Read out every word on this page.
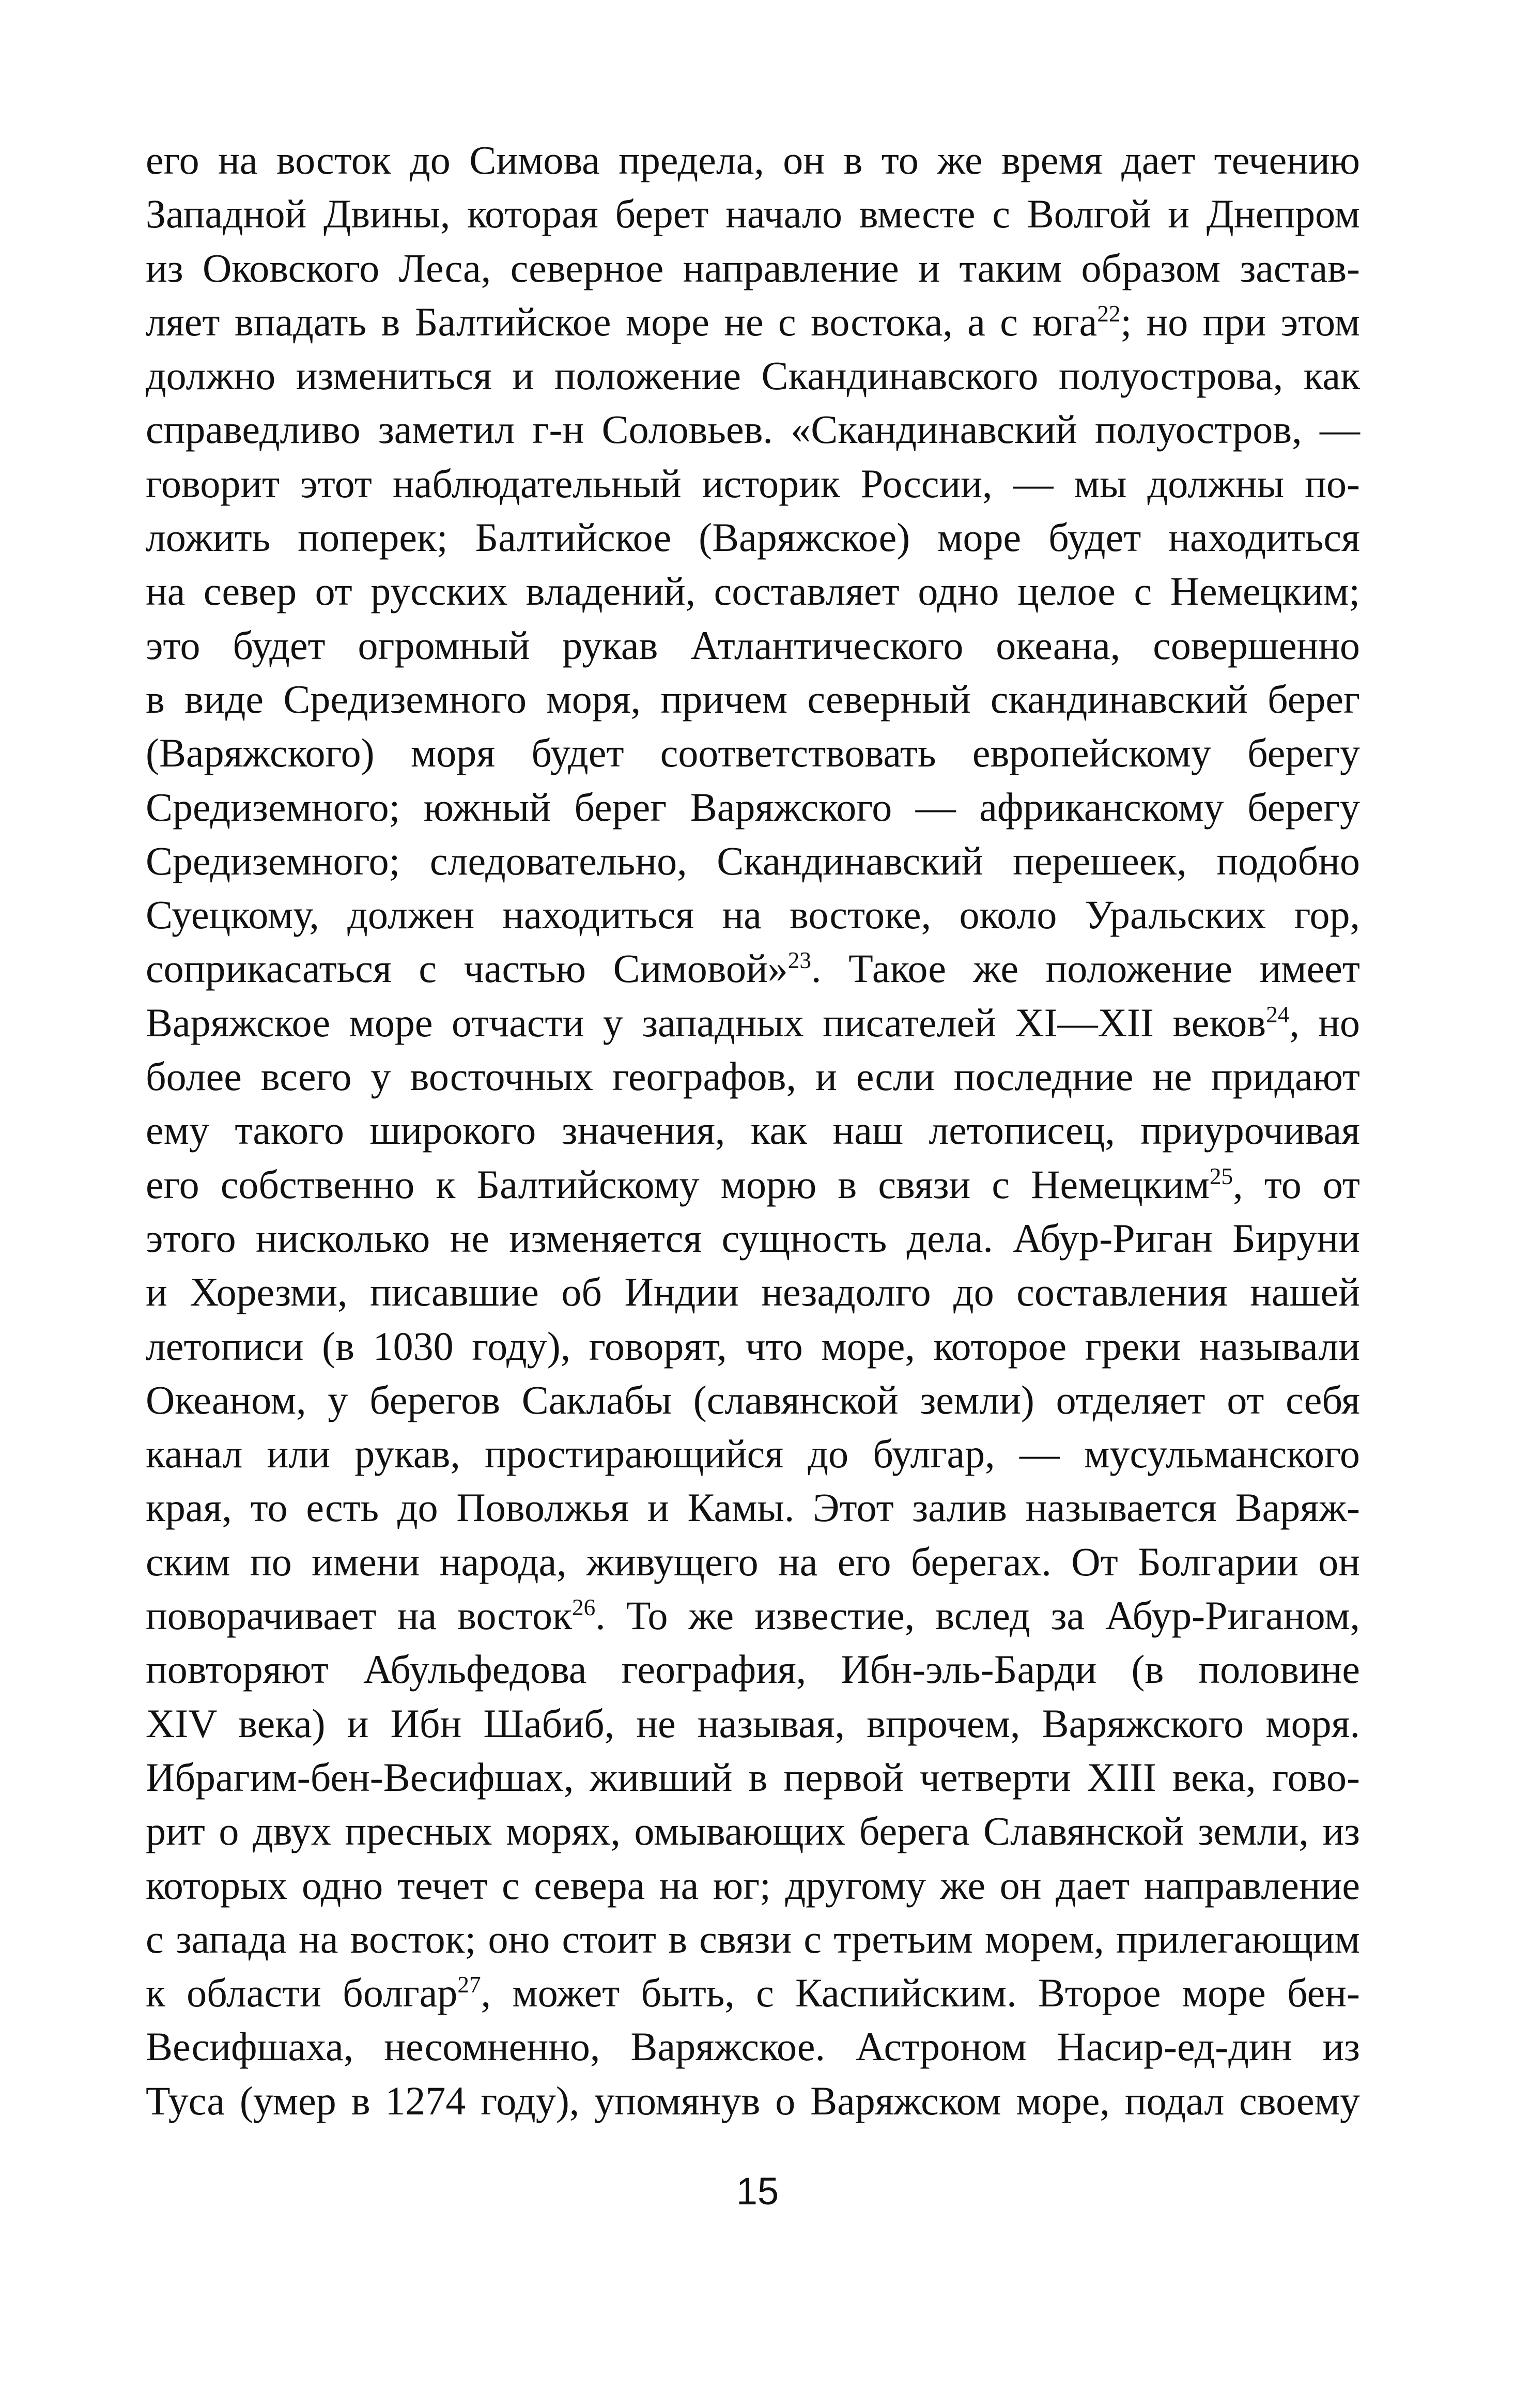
его на восток до Симова предела, он в то же время дает течению
Западной Двины, которая берет начало вместе с Волгой и Днепром
из Оковского Леса, северное направление и таким образом застав-
ляет впадать в Балтийское море не с востока, а с юга$^{22}$; но при этом
должно измениться и положение Скандинавского полуострова, как
справедливо заметил г-н Соловьев. «Скандинавский полуостров, —
говорит этот наблюдательный историк России, — мы должны по-
ложить поперек; Балтийское (Варяжское) море будет находиться
на север от русских владений, составляет одно целое с Немецким;
это будет огромный рукав Атлантического океана, совершенно
в виде Средиземного моря, причем северный скандинавский берег
(Варяжского) моря будет соответствовать европейскому берегу
Средиземного; южный берег Варяжского — африканскому берегу
Средиземного; следовательно, Скандинавский перешеек, подобно
Суецкому, должен находиться на востоке, около Уральских гор,
соприкасаться с частью Симовой»$^{23}$. Такое же положение имеет
Варяжское море отчасти у западных писателей XI—XII веков$^{24}$, но
более всего у восточных географов, и если последние не придают
ему такого широкого значения, как наш летописец, приурочивая
его собственно к Балтийскому морю в связи с Немецким$^{25}$, то от
этого нисколько не изменяется сущность дела. Абур-Риган Бируни
и Хорезми, писавшие об Индии незадолго до составления нашей
летописи (в 1030 году), говорят, что море, которое греки называли
Океаном, у берегов Саклабы (славянской земли) отделяет от себя
канал или рукав, простирающийся до булгар, — мусульманского
края, то есть до Поволжья и Камы. Этот залив называется Варяж-
ским по имени народа, живущего на его берегах. От Болгарии он
поворачивает на восток$^{26}$. То же известие, вслед за Абур-Риганом,
повторяют Абульфедова география, Ибн-эль-Барди (в половине
XIV века) и Ибн Шабиб, не называя, впрочем, Варяжского моря.
Ибрагим-бен-Весифшах, живший в первой четверти XIII века, гово-
рит о двух пресных морях, омывающих берега Славянской земли, из
которых одно течет с севера на юг; другому же он дает направление
с запада на восток; оно стоит в связи с третьим морем, прилегающим
к области болгар$^{27}$, может быть, с Каспийским. Второе море бен-
Весифшаха, несомненно, Варяжское. Астроном Насир-ед-дин из
Туса (умер в 1274 году), упомянув о Варяжском море, подал своему
15
